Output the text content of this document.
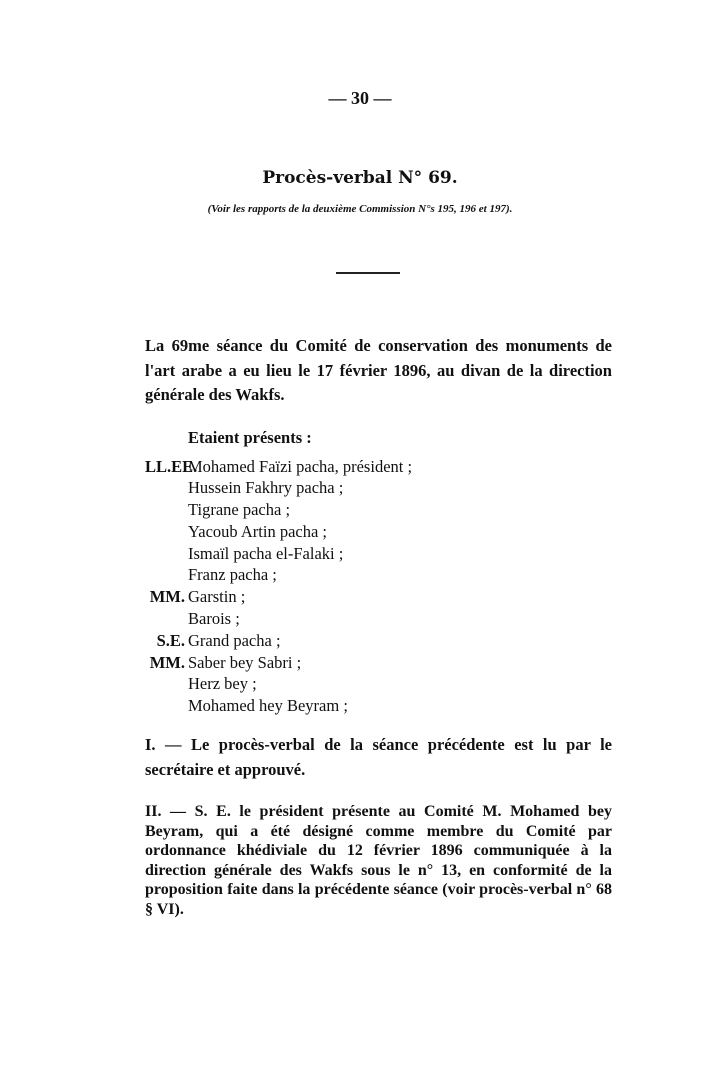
— 30 —
Procès-verbal N° 69.
(Voir les rapports de la deuxième Commission N°s 195, 196 et 197).

La 69me séance du Comité de conservation des monuments de l'art arabe a eu lieu le 17 février 1896, au divan de la direction générale des Wakfs.

Etaient présents :
LL.EE.
Mohamed Faïzi pacha, président ;
Hussein Fakhry pacha ;
Tigrane pacha ;
Yacoub Artin pacha ;
Ismaïl pacha el-Falaki ;
Franz pacha ;
MM. Garstin ;
Barois ;
S.E. Grand pacha ;
MM. Saber bey Sabri ;
Herz bey ;
Mohamed hey Beyram ;

I. — Le procès-verbal de la séance précédente est lu par le secrétaire et approuvé.

II. — S. E. le président présente au Comité M. Mohamed bey Beyram, qui a été désigné comme membre du Comité par ordonnance khédiviale du 12 février 1896 communiquée à la direction générale des Wakfs sous le n° 13, en conformité de la proposition faite dans la précédente séance (voir procès-verbal n° 68 § VI).
